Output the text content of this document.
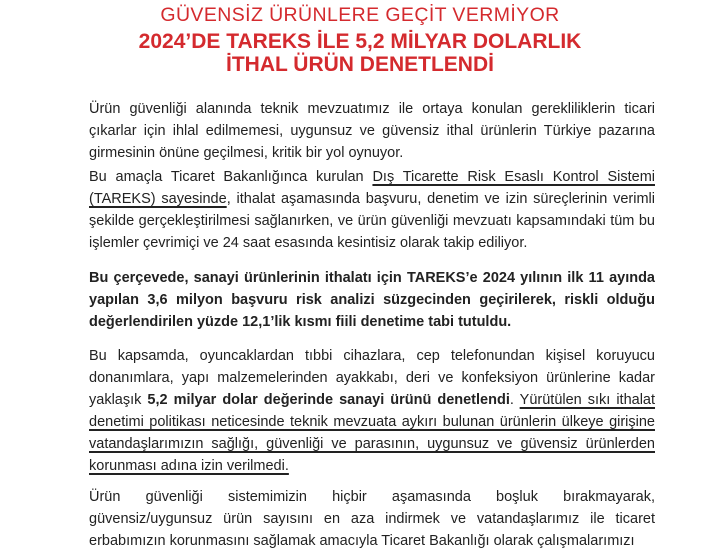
GÜVENSİZ ÜRÜNLERE GEÇİT VERMİYOR
2024’DE TAREKS İLE 5,2 MİLYAR DOLARLIK
İTHAL ÜRÜN DENETLENDİ

Ürün güvenliği alanında teknik mevzuatımız ile ortaya konulan gerekliliklerin ticari çıkarlar için ihlal edilmemesi, uygunsuz ve güvensiz ithal ürünlerin Türkiye pazarına girmesinin önüne geçilmesi, kritik bir yol oynuyor.

Bu amaçla Ticaret Bakanlığınca kurulan Dış Ticarette Risk Esaslı Kontrol Sistemi (TAREKS) sayesinde, ithalat aşamasında başvuru, denetim ve izin süreçlerinin verimli şekilde gerçekleştirilmesi sağlanırken, ve ürün güvenliği mevzuatı kapsamındaki tüm bu işlemler çevrimiçi ve 24 saat esasında kesintisiz olarak takip ediliyor.

Bu çerçevede, sanayi ürünlerinin ithalatı için TAREKS’e 2024 yılının ilk 11 ayında yapılan 3,6 milyon başvuru risk analizi süzgecinden geçirilerek, riskli olduğu değerlendirilen yüzde 12,1’lik kısmı fiili denetime tabi tutuldu.

Bu kapsamda, oyuncaklardan tıbbi cihazlara, cep telefonundan kişisel koruyucu donanımlara, yapı malzemelerinden ayakkabı, deri ve konfeksiyon ürünlerine kadar yaklaşık 5,2 milyar dolar değerinde sanayi ürünü denetlendi. Yürütülen sıkı ithalat denetimi politikası neticesinde teknik mevzuata aykırı bulunan ürünlerin ülkeye girişine vatandaşlarımızın sağlığı, güvenliği ve parasının, uygunsuz ve güvensiz ürünlerden korunması adına izin verilmedi.

Ürün güvenliği sistemimizin hiçbir aşamasında boşluk bırakmayarak, güvensiz/uygunsuz ürün sayısını en aza indirmek ve vatandaşlarımız ile ticaret erbabımızın korunmasını sağlamak amacıyla Ticaret Bakanlığı olarak çalışmalarımızı
